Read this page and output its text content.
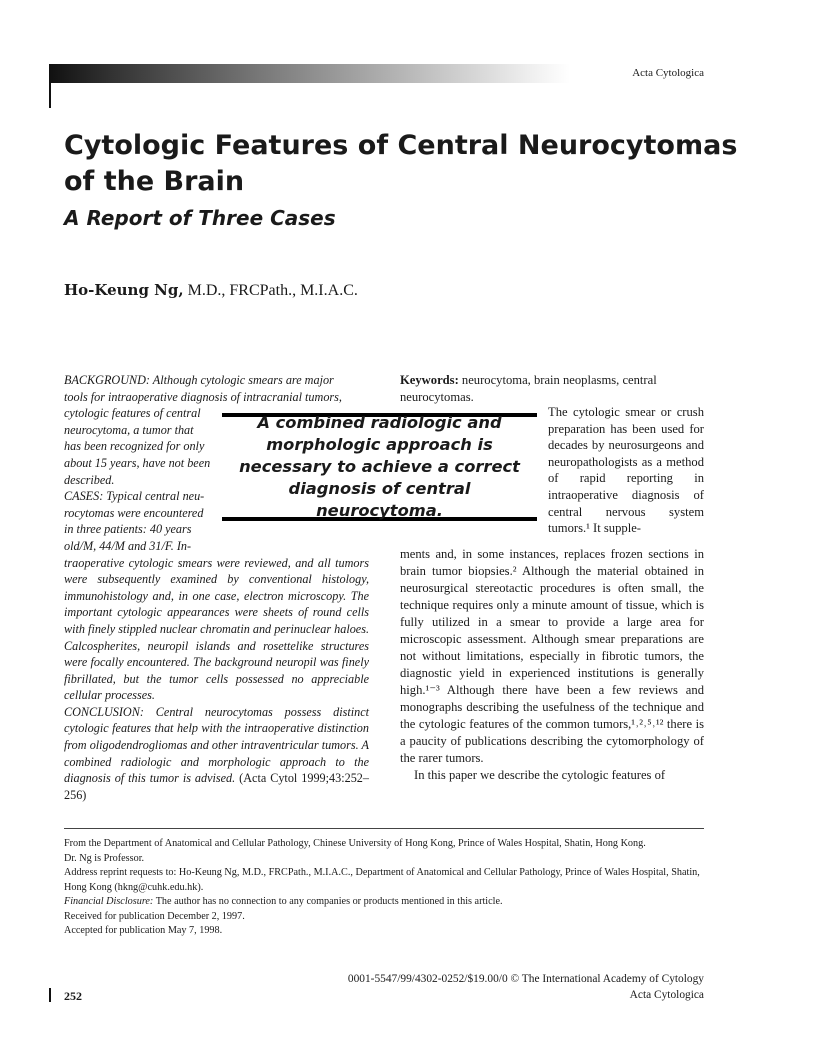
Acta Cytologica
Cytologic Features of Central Neurocytomas of the Brain
A Report of Three Cases
Ho-Keung Ng, M.D., FRCPath., M.I.A.C.
BACKGROUND: Although cytologic smears are major
tools for intraoperative diagnosis of intracranial tumors,
cytologic features of central
neurocytoma, a tumor that
has been recognized for only
about 15 years, have not been
described.
CASES: Typical central neu-
rocytomas were encountered
in three patients: 40 years
old/M, 44/M and 31/F. In-
traoperative cytologic smears were reviewed, and all tumors were subsequently examined by conventional histology, immunohistology and, in one case, electron microscopy. The important cytologic appearances were sheets of round cells with finely stippled nuclear chromatin and perinuclear haloes. Calcospherites, neuropil islands and rosettelike structures were focally encountered. The background neuropil was finely fibrillated, but the tumor cells possessed no appreciable cellular processes.
CONCLUSION: Central neurocytomas possess distinct cytologic features that help with the intraoperative distinction from oligodendrogliomas and other intraventricular tumors. A combined radiologic and morphologic approach to the diagnosis of this tumor is advised. (Acta Cytol 1999;43:252–256)
Keywords: neurocytoma, brain neoplasms, central neurocytomas.

The cytologic smear or crush preparation has been used for decades by neurosurgeons and neuropathologists as a method of rapid reporting in intraoperative diagnosis of central nervous system tumors.¹ It supple-

A combined radiologic and morphologic approach is necessary to achieve a correct diagnosis of central neurocytoma.

ments and, in some instances, replaces frozen sections in brain tumor biopsies.² Although the material obtained in neurosurgical stereotactic procedures is often small, the technique requires only a minute amount of tissue, which is fully utilized in a smear to provide a large area for microscopic assessment. Although smear preparations are not without limitations, especially in fibrotic tumors, the diagnostic yield in experienced institutions is generally high.¹⁻³ Although there have been a few reviews and monographs describing the usefulness of the technique and the cytologic features of the common tumors,¹˒²˒⁵˒¹² there is a paucity of publications describing the cytomorphology of the rarer tumors.

In this paper we describe the cytologic features of

From the Department of Anatomical and Cellular Pathology, Chinese University of Hong Kong, Prince of Wales Hospital, Shatin, Hong Kong.
Dr. Ng is Professor.
Address reprint requests to: Ho-Keung Ng, M.D., FRCPath., M.I.A.C., Department of Anatomical and Cellular Pathology, Prince of Wales Hospital, Shatin, Hong Kong (hkng@cuhk.edu.hk).
Financial Disclosure: The author has no connection to any companies or products mentioned in this article.
Received for publication December 2, 1997.
Accepted for publication May 7, 1998.
0001-5547/99/4302-0252/$19.00/0 © The International Academy of Cytology
252	Acta Cytologica
